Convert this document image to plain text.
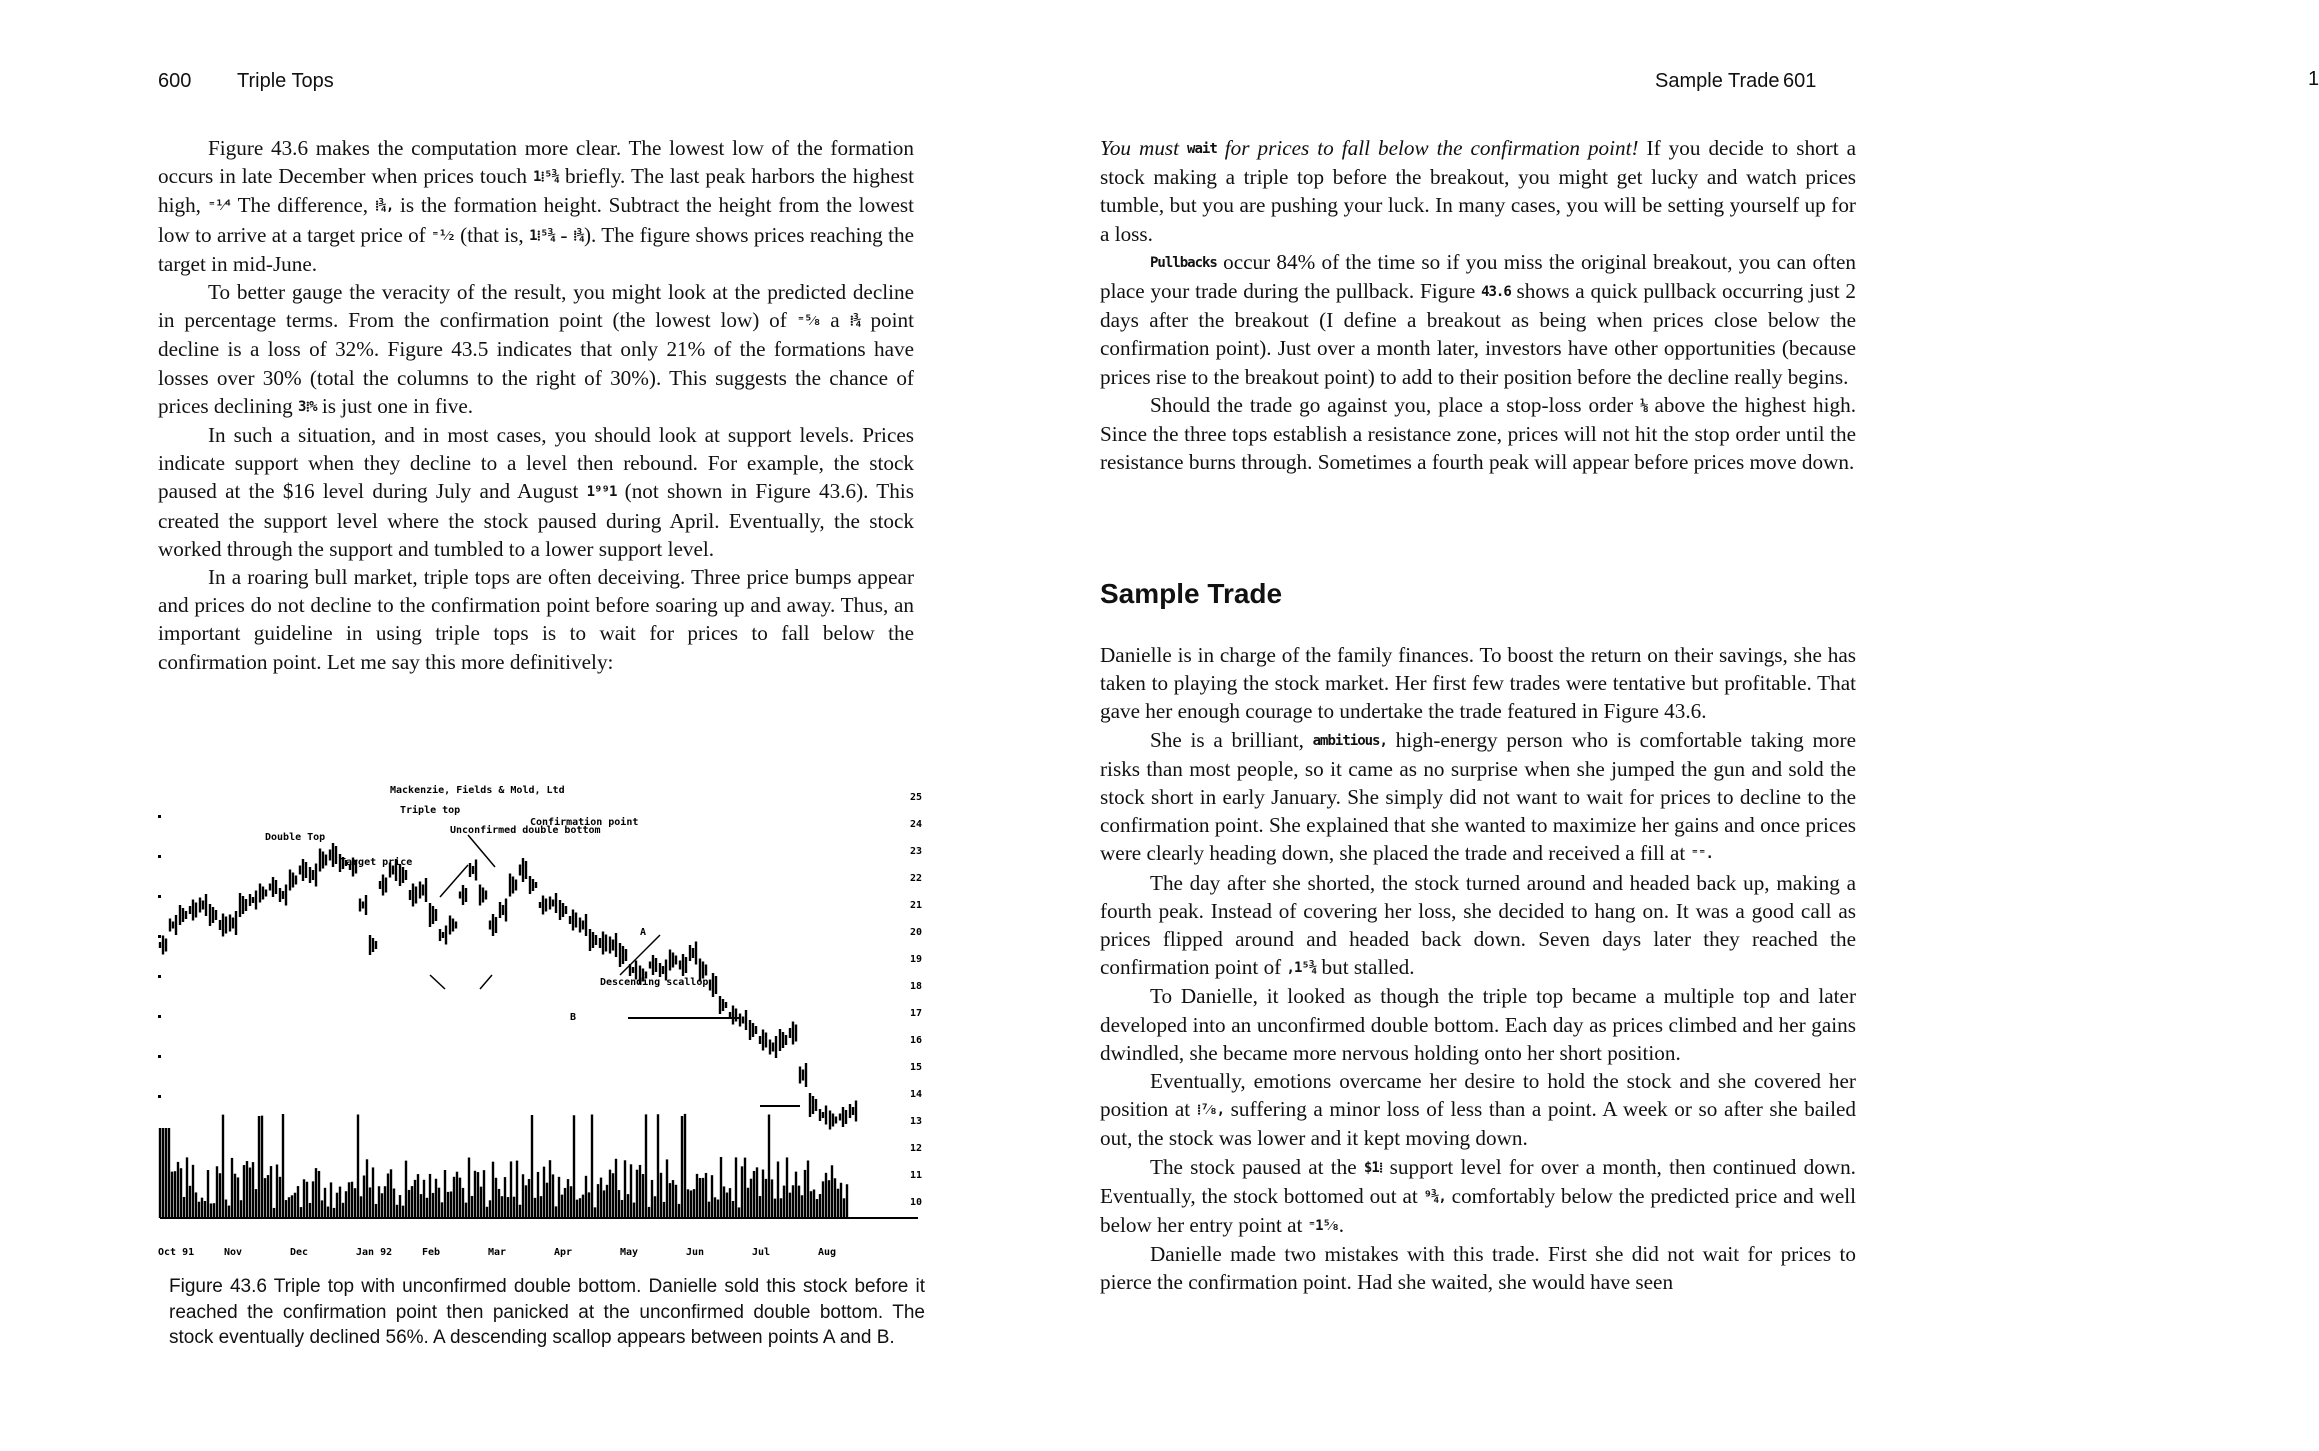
600 Triple Tops

Figure 43.6 makes the computation more clear. The lowest low of the formation occurs in late December when prices touch 1⁞⁵¾ briefly. The last peak harbors the highest high, ⁼¹⁄⁴ The difference, ⁞¾, is the formation height. Subtract the height from the lowest low to arrive at a target price of ⁼¹⁄₂ (that is, 1⁞⁵¾ - ⁞¾). The figure shows prices reaching the target in mid-June.

To better gauge the veracity of the result, you might look at the predicted decline in percentage terms. From the confirmation point (the lowest low) of ⁼⁵⁄₈ a ⁞¾ point decline is a loss of 32%. Figure 43.5 indicates that only 21% of the formations have losses over 30% (total the columns to the right of 30%). This suggests the chance of prices declining 3⁞% is just one in five.

In such a situation, and in most cases, you should look at support levels. Prices indicate support when they decline to a level then rebound. For example, the stock paused at the $16 level during July and August 1⁹⁹1 (not shown in Figure 43.6). This created the support level where the stock paused during April. Eventually, the stock worked through the support and tumbled to a lower support level.

In a roaring bull market, triple tops are often deceiving. Three price bumps appear and prices do not decline to the confirmation point before soaring up and away. Thus, an important guideline in using triple tops is to wait for prices to fall below the confirmation point. Let me say this more definitively:

Mackenzie, Fields & Mold, Ltd
Triple top
Double Top
Unconfirmed double bottom
Confirmation point
Target price
A
B
Descending scallop
25
24
23
22
21
20
19
18
17
16
15
14
13
12
11
10
Oct 91	Nov	Dec	Jan 92	Feb	Mar	Apr	May	Jun	Jul	Aug
Figure 43.6 Triple top with unconfirmed double bottom. Danielle sold this stock before it reached the confirmation point then panicked at the unconfirmed double bottom. The stock eventually declined 56%. A descending scallop appears between points A and B.
1
Sample Trade 601

You must wait for prices to fall below the confirmation point! If you decide to short a stock making a triple top before the breakout, you might get lucky and watch prices tumble, but you are pushing your luck. In many cases, you will be setting yourself up for a loss.

Pullbacks occur 84% of the time so if you miss the original breakout, you can often place your trade during the pullback. Figure 43.6 shows a quick pullback occurring just 2 days after the breakout (I define a breakout as being when prices close below the confirmation point). Just over a month later, investors have other opportunities (because prices rise to the breakout point) to add to their position before the decline really begins.

Should the trade go against you, place a stop-loss order ⅛ above the highest high. Since the three tops establish a resistance zone, prices will not hit the stop order until the resistance burns through. Sometimes a fourth peak will appear before prices move down.

Danielle is in charge of the family finances. To boost the return on their savings, she has taken to playing the stock market. Her first few trades were tentative but profitable. That gave her enough courage to undertake the trade featured in Figure 43.6.

She is a brilliant, ambitious, high-energy person who is comfortable taking more risks than most people, so it came as no surprise when she jumped the gun and sold the stock short in early January. She simply did not want to wait for prices to decline to the confirmation point. She explained that she wanted to maximize her gains and once prices were clearly heading down, she placed the trade and received a fill at ⁼⁼.

The day after she shorted, the stock turned around and headed back up, making a fourth peak. Instead of covering her loss, she decided to hang on. It was a good call as prices flipped around and headed back down. Seven days later they reached the confirmation point of ,1⁵¾ but stalled.

To Danielle, it looked as though the triple top became a multiple top and later developed into an unconfirmed double bottom. Each day as prices climbed and her gains dwindled, she became more nervous holding onto her short position.

Eventually, emotions overcame her desire to hold the stock and she covered her position at ⁞⁷⁄₈, suffering a minor loss of less than a point. A week or so after she bailed out, the stock was lower and it kept moving down.

The stock paused at the $1⁞ support level for over a month, then continued down. Eventually, the stock bottomed out at ⁹¾, comfortably below the predicted price and well below her entry point at ⁼1⁵⁄₈.

Danielle made two mistakes with this trade. First she did not wait for prices to pierce the confirmation point. Had she waited, she would have seen

Sample Trade
